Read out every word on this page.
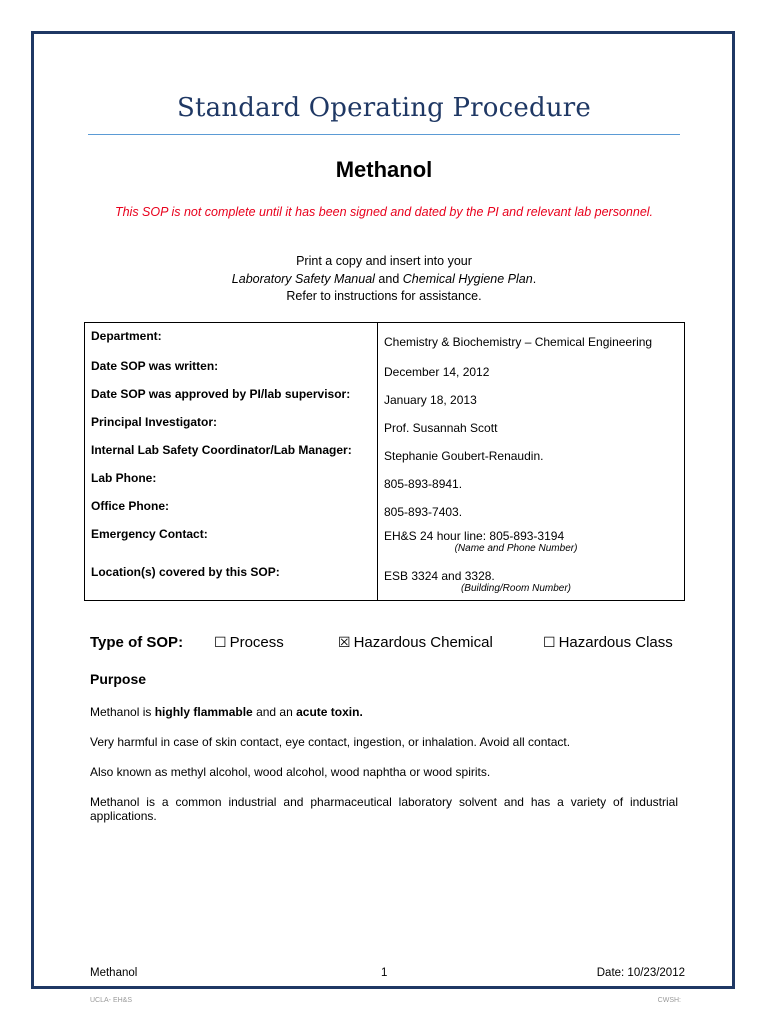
Standard Operating Procedure
Methanol
This SOP is not complete until it has been signed and dated by the PI and relevant lab personnel.
Print a copy and insert into your
Laboratory Safety Manual and Chemical Hygiene Plan.
Refer to instructions for assistance.
Department:	Chemistry & Biochemistry – Chemical Engineering
Date SOP was written:	December 14, 2012
Date SOP was approved by PI/lab supervisor:	January 18, 2013
Principal Investigator:	Prof. Susannah Scott
Internal Lab Safety Coordinator/Lab Manager:	Stephanie Goubert-Renaudin.
Lab Phone:	805-893-8941.
Office Phone:	805-893-7403.
Emergency Contact:	EH&S 24 hour line: 805-893-3194
(Name and Phone Number)

Location(s) covered by this SOP:	ESB 3324 and 3328.
(Building/Room Number)
Type of SOP: ☐ Process	☒ Hazardous Chemical	☐ Hazardous Class
Purpose
Methanol is highly flammable and an acute toxin.
Very harmful in case of skin contact, eye contact, ingestion, or inhalation. Avoid all contact.
Also known as methyl alcohol, wood alcohol, wood naphtha or wood spirits.
Methanol is a common industrial and pharmaceutical laboratory solvent and has a variety of industrial applications.
Methanol	1	Date: 10/23/2012
UCLA- EH&S	CWSH:
